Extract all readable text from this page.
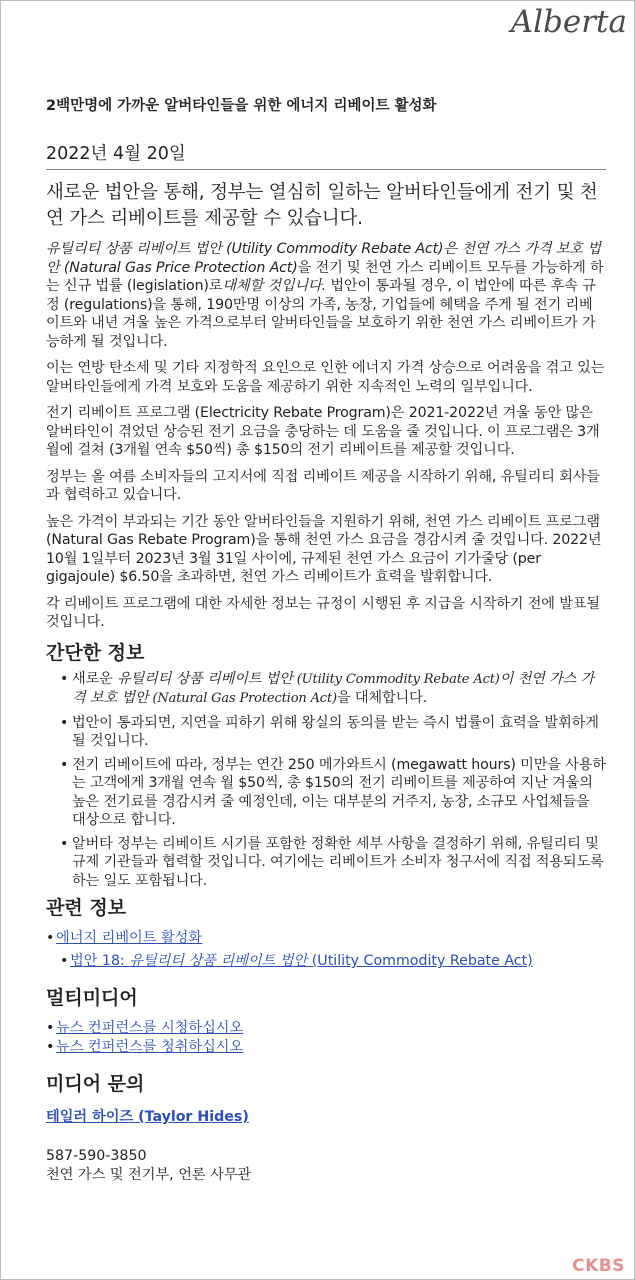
Alberta
2백만명에 가까운 알버타인들을 위한 에너지 리베이트 활성화
2022년 4월 20일
새로운 법안을 통해, 정부는 열심히 일하는 알버타인들에게 전기 및 천연 가스 리베이트를 제공할 수 있습니다.

유틸리티 상품 리베이트 법안 (Utility Commodity Rebate Act)은 천연 가스 가격 보호 법안 (Natural Gas Price Protection Act)을 전기 및 천연 가스 리베이트 모두를 가능하게 하는 신규 법률 (legislation)로대체할 것입니다. 법안이 통과될 경우, 이 법안에 따른 후속 규정 (regulations)을 통해, 190만명 이상의 가족, 농장, 기업들에 혜택을 주게 될 전기 리베이트와 내년 겨울 높은 가격으로부터 알버타인들을 보호하기 위한 천연 가스 리베이트가 가능하게 될 것입니다.

이는 연방 탄소세 및 기타 지정학적 요인으로 인한 에너지 가격 상승으로 어려움을 겪고 있는 알버타인들에게 가격 보호와 도움을 제공하기 위한 지속적인 노력의 일부입니다.

전기 리베이트 프로그램 (Electricity Rebate Program)은 2021-2022년 겨울 동안 많은 알버타인이 겪었던 상승된 전기 요금을 충당하는 데 도움을 줄 것입니다. 이 프로그램은 3개월에 걸쳐 (3개월 연속 $50씩) 총 $150의 전기 리베이트를 제공할 것입니다.

정부는 올 여름 소비자들의 고지서에 직접 리베이트 제공을 시작하기 위해, 유틸리티 회사들과 협력하고 있습니다.

높은 가격이 부과되는 기간 동안 알버타인들을 지원하기 위해, 천연 가스 리베이트 프로그램 (Natural Gas Rebate Program)을 통해 천연 가스 요금을 경감시켜 줄 것입니다. 2022년 10월 1일부터 2023년 3월 31일 사이에, 규제된 천연 가스 요금이 기가줄당 (per gigajoule) $6.50을 초과하면, 천연 가스 리베이트가 효력을 발휘합니다.

각 리베이트 프로그램에 대한 자세한 정보는 규정이 시행된 후 지급을 시작하기 전에 발표될 것입니다.

간단한 정보
• 새로운 유틸리티 상품 리베이트 법안 (Utility Commodity Rebate Act)이 천연 가스 가격 보호 법안 (Natural Gas Protection Act)을 대체합니다.
• 법안이 통과되면, 지연을 피하기 위해 왕실의 동의를 받는 즉시 법률이 효력을 발휘하게 될 것입니다.
• 전기 리베이트에 따라, 정부는 연간 250 메가와트시 (megawatt hours) 미만을 사용하는 고객에게 3개월 연속 월 $50씩, 총 $150의 전기 리베이트를 제공하여 지난 겨울의 높은 전기료를 경감시켜 줄 예정인데, 이는 대부분의 거주지, 농장, 소규모 사업체들을 대상으로 합니다.
• 알버타 정부는 리베이트 시기를 포함한 정확한 세부 사항을 결정하기 위해, 유틸리티 및 규제 기관들과 협력할 것입니다. 여기에는 리베이트가 소비자 청구서에 직접 적용되도록 하는 일도 포함됩니다.
관련 정보
• 에너지 리베이트 활성화
• 법안 18: 유틸리티 상품 리베이트 법안 (Utility Commodity Rebate Act)
멀티미디어
• 뉴스 컨퍼런스를 시청하십시오
• 뉴스 컨퍼런스를 청취하십시오
미디어 문의
테일러 하이즈 (Taylor Hides)
587-590-3850
천연 가스 및 전기부, 언론 사무관
CKBS
